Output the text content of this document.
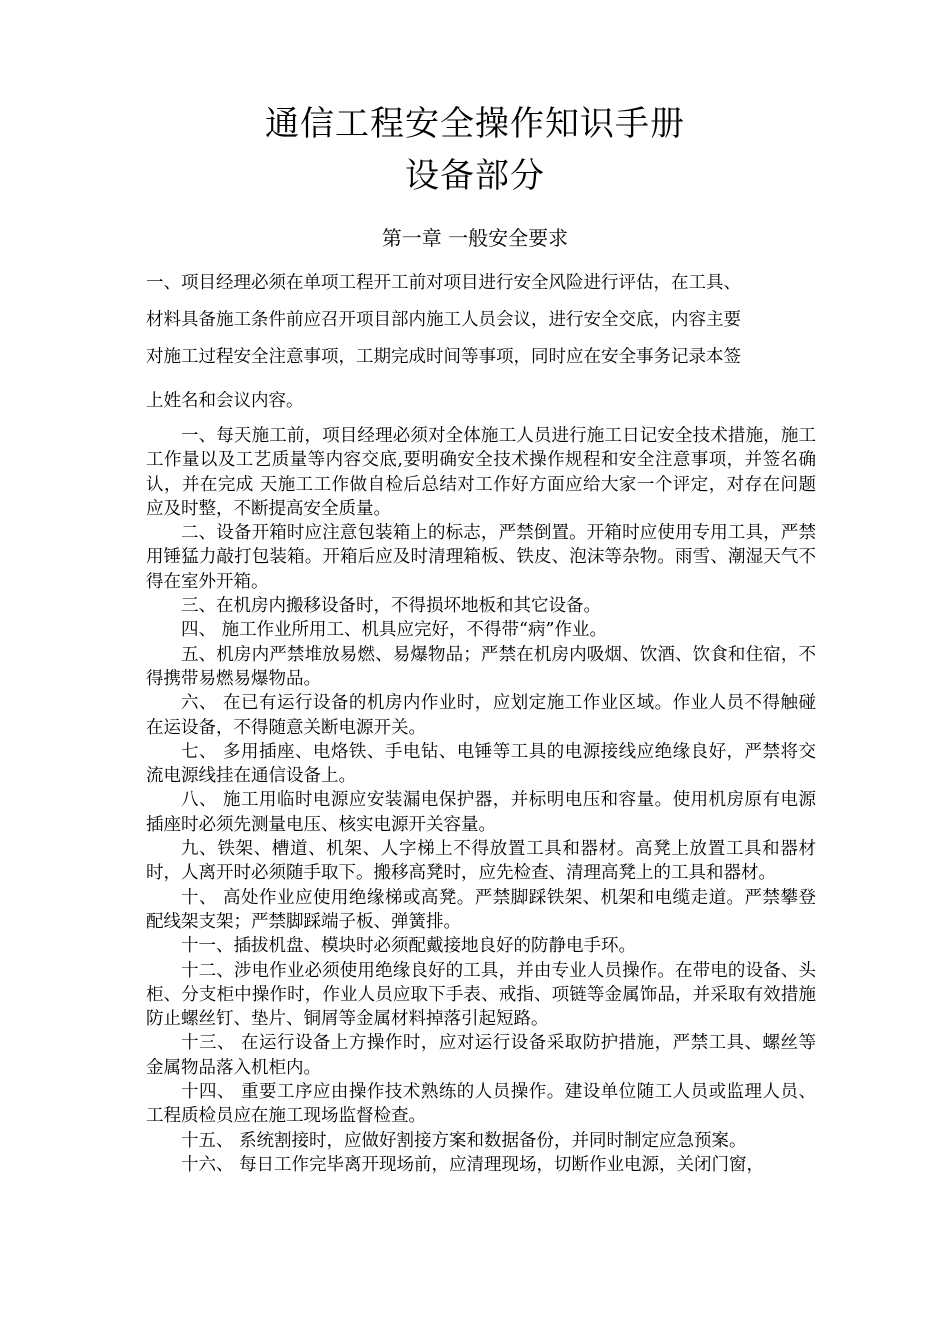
通信工程安全操作知识手册
设备部分
第一章 一般安全要求
一、项目经理必须在单项工程开工前对项目进行安全风险进行评估，在工具、
材料具备施工条件前应召开项目部内施工人员会议，进行安全交底，内容主要
对施工过程安全注意事项，工期完成时间等事项，同时应在安全事务记录本签
上姓名和会议内容。

一、每天施工前，项目经理必须对全体施工人员进行施工日记安全技术措施，施工工作量以及工艺质量等内容交底,要明确安全技术操作规程和安全注意事项，并签名确认，并在完成 天施工工作做自检后总结对工作好方面应给大家一个评定，对存在问题应及时整，不断提高安全质量。

二、设备开箱时应注意包装箱上的标志，严禁倒置。开箱时应使用专用工具，严禁用锤猛力敲打包装箱。开箱后应及时清理箱板、铁皮、泡沫等杂物。雨雪、潮湿天气不得在室外开箱。

三、在机房内搬移设备时，不得损坏地板和其它设备。

四、 施工作业所用工、机具应完好，不得带“病”作业。

五、机房内严禁堆放易燃、易爆物品；严禁在机房内吸烟、饮酒、饮食和住宿，不得携带易燃易爆物品。

六、 在已有运行设备的机房内作业时，应划定施工作业区域。作业人员不得触碰在运设备，不得随意关断电源开关。

七、 多用插座、电烙铁、手电钻、电锤等工具的电源接线应绝缘良好，严禁将交流电源线挂在通信设备上。

八、 施工用临时电源应安装漏电保护器，并标明电压和容量。使用机房原有电源插座时必须先测量电压、核实电源开关容量。

九、铁架、槽道、机架、人字梯上不得放置工具和器材。高凳上放置工具和器材时，人离开时必须随手取下。搬移高凳时，应先检查、清理高凳上的工具和器材。

十、 高处作业应使用绝缘梯或高凳。严禁脚踩铁架、机架和电缆走道。严禁攀登配线架支架；严禁脚踩端子板、弹簧排。

十一、插拔机盘、模块时必须配戴接地良好的防静电手环。

十二、涉电作业必须使用绝缘良好的工具，并由专业人员操作。在带电的设备、头柜、分支柜中操作时，作业人员应取下手表、戒指、项链等金属饰品，并采取有效措施防止螺丝钉、垫片、铜屑等金属材料掉落引起短路。

十三、 在运行设备上方操作时，应对运行设备采取防护措施，严禁工具、螺丝等金属物品落入机柜内。

十四、 重要工序应由操作技术熟练的人员操作。建设单位随工人员或监理人员、工程质检员应在施工现场监督检查。

十五、 系统割接时，应做好割接方案和数据备份，并同时制定应急预案。

十六、 每日工作完毕离开现场前，应清理现场，切断作业电源，关闭门窗，
